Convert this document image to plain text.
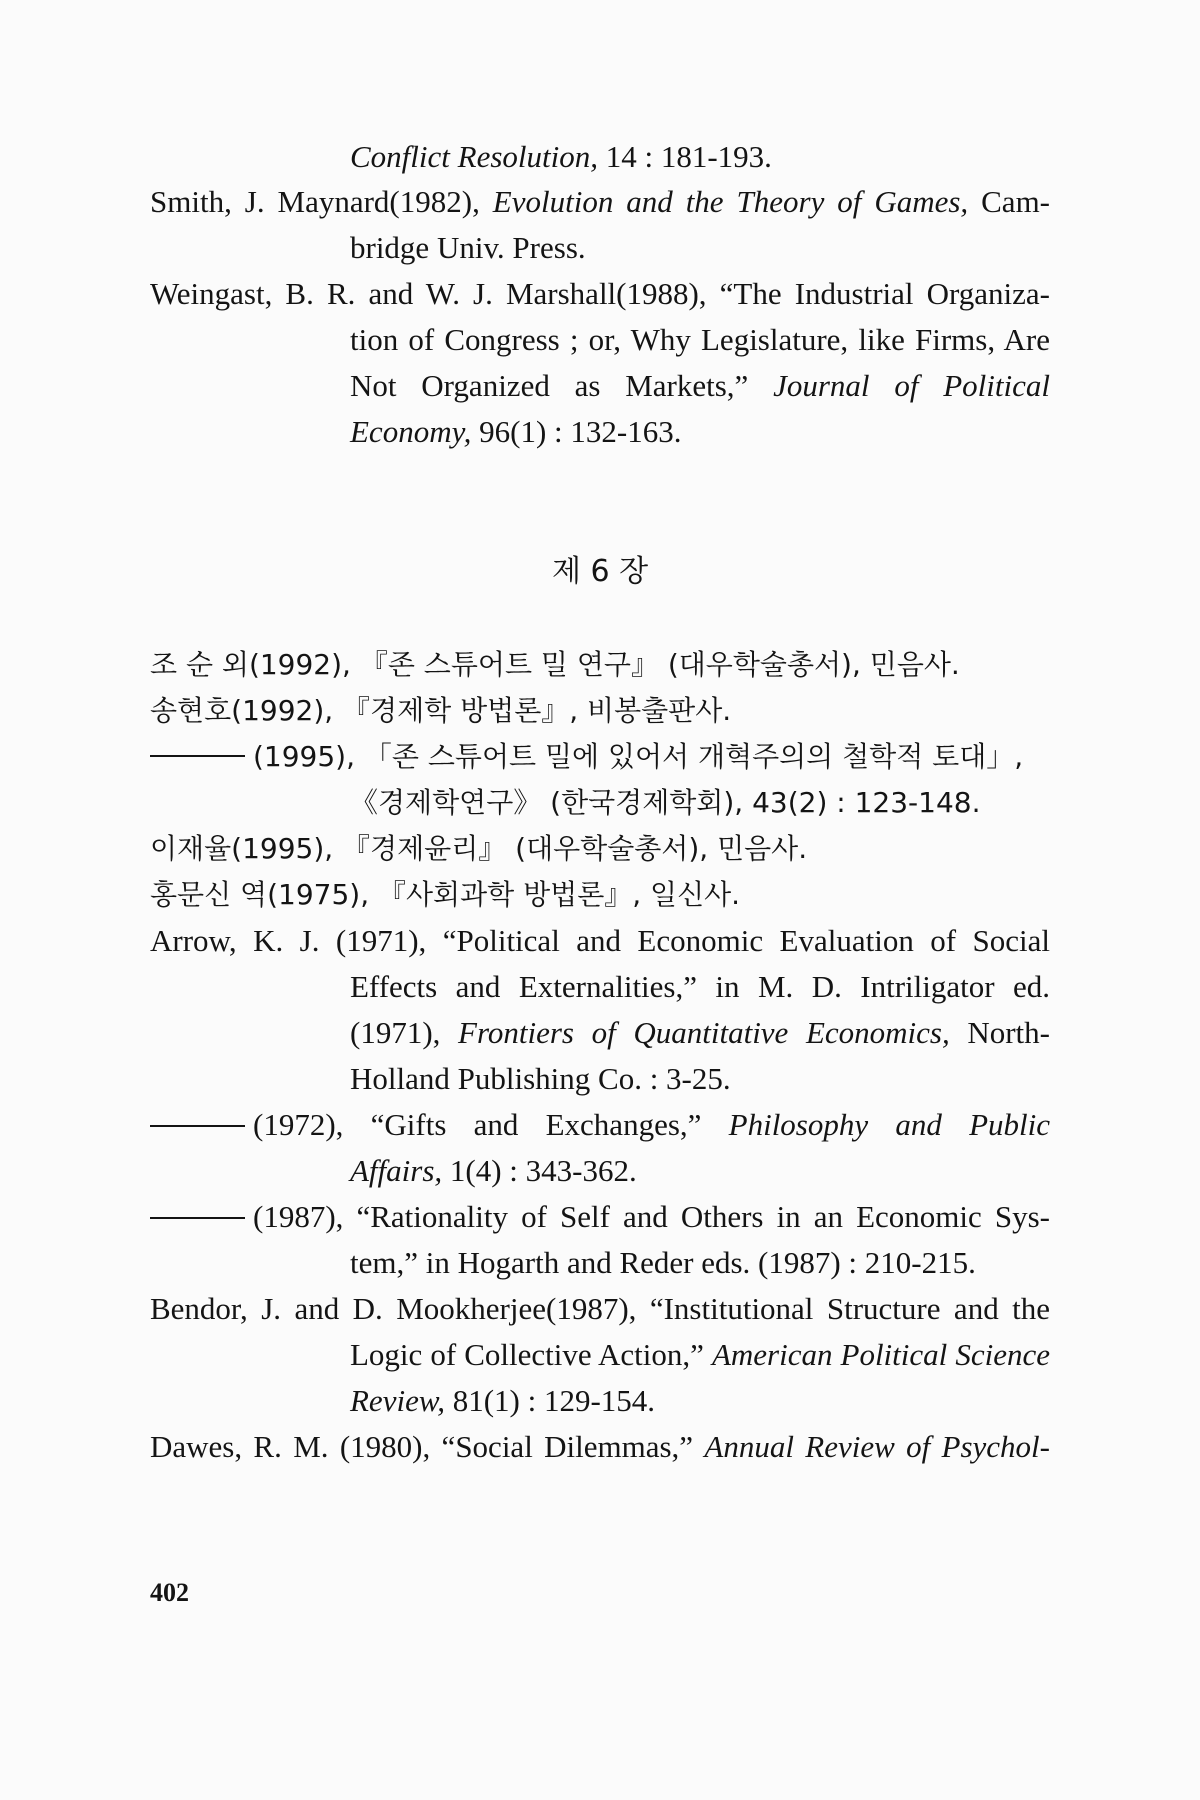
Conflict Resolution, 14 : 181-193.
Smith, J. Maynard(1982), Evolution and the Theory of Games, Cam-
bridge Univ. Press.
Weingast, B. R. and W. J. Marshall(1988), “The Industrial Organiza-
tion of Congress ; or, Why Legislature, like Firms, Are
Not Organized as Markets,” Journal of Political
Economy, 96(1) : 132-163.
제 6 장
조 순 외(1992), 『존 스튜어트 밀 연구』 (대우학술총서), 민음사.
송현호(1992), 『경제학 방법론』, 비봉출판사.
(1995), 「존 스튜어트 밀에 있어서 개혁주의의 철학적 토대」,
《경제학연구》 (한국경제학회), 43(2) : 123-148.
이재율(1995), 『경제윤리』 (대우학술총서), 민음사.
홍문신 역(1975), 『사회과학 방법론』, 일신사.
Arrow, K. J. (1971), “Political and Economic Evaluation of Social
Effects and Externalities,” in M. D. Intriligator ed.
(1971), Frontiers of Quantitative Economics, North-
Holland Publishing Co. : 3-25.
(1972), “Gifts and Exchanges,” Philosophy and Public
Affairs, 1(4) : 343-362.
(1987), “Rationality of Self and Others in an Economic Sys-
tem,” in Hogarth and Reder eds. (1987) : 210-215.
Bendor, J. and D. Mookherjee(1987), “Institutional Structure and the
Logic of Collective Action,” American Political Science
Review, 81(1) : 129-154.
Dawes, R. M. (1980), “Social Dilemmas,” Annual Review of Psychol-
402
